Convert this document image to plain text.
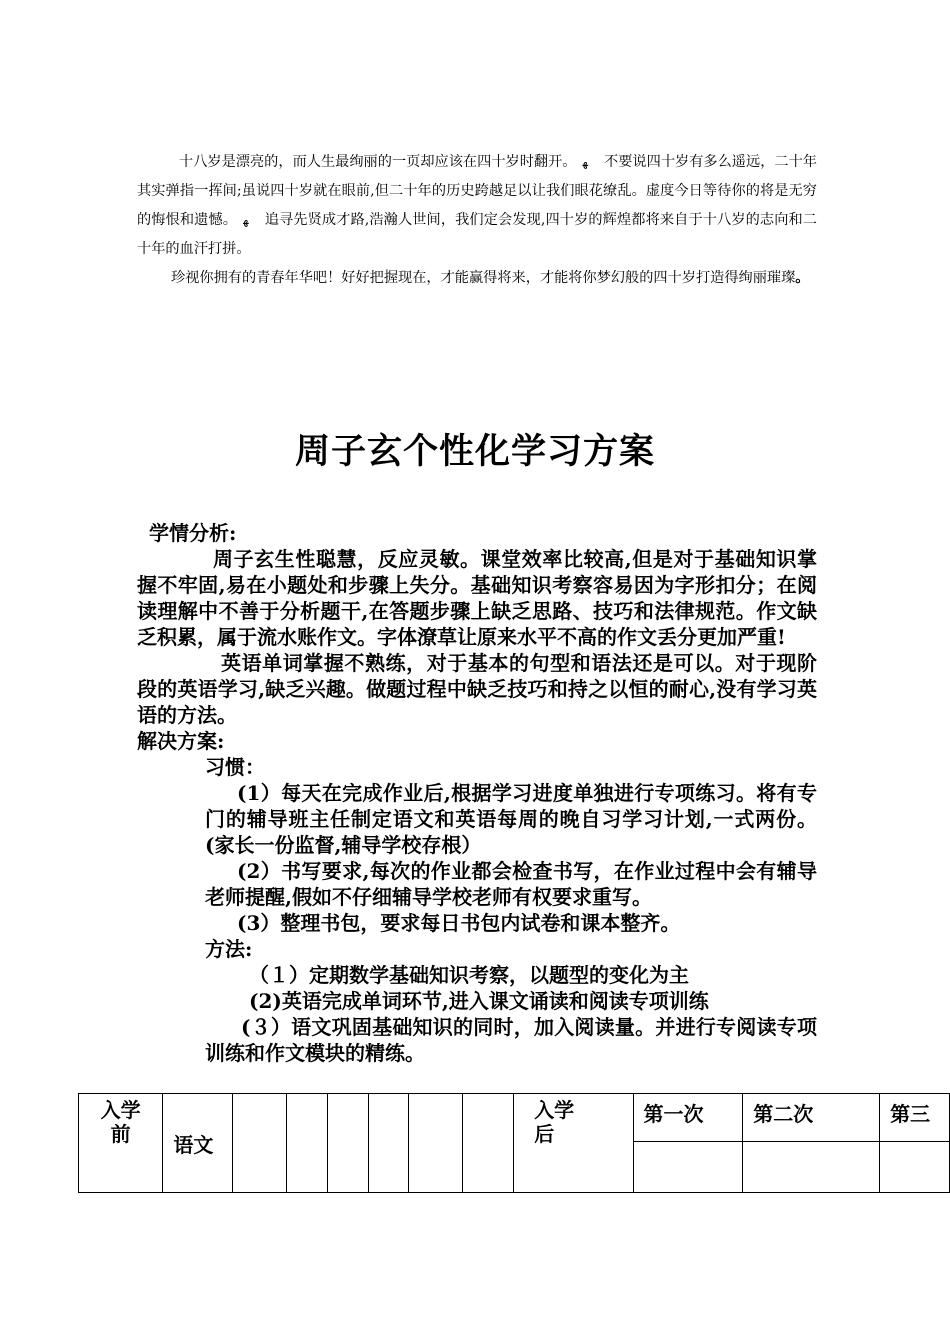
十八岁是漂亮的，而人生最绚丽的一页却应该在四十岁时翻开。 ﻬ 不要说四十岁有多么遥远，二十年其实弹指一挥间;虽说四十岁就在眼前,但二十年的历史跨越足以让我们眼花缭乱。虚度今日等待你的将是无穷的悔恨和遗憾。 ﻬ 追寻先贤成才路,浩瀚人世间，我们定会发现,四十岁的辉煌都将来自于十八岁的志向和二十年的血汗打拼。

珍视你拥有的青春年华吧！好好把握现在，才能赢得将来，才能将你梦幻般的四十岁打造得绚丽璀璨。

周子玄个性化学习方案

学情分析:

周子玄生性聪慧，反应灵敏。课堂效率比较高,但是对于基础知识掌握不牢固,易在小题处和步骤上失分。基础知识考察容易因为字形扣分；在阅读理解中不善于分析题干,在答题步骤上缺乏思路、技巧和法律规范。作文缺乏积累，属于流水账作文。字体潦草让原来水平不高的作文丢分更加严重!

英语单词掌握不熟练，对于基本的句型和语法还是可以。对于现阶段的英语学习,缺乏兴趣。做题过程中缺乏技巧和持之以恒的耐心,没有学习英语的方法。

解决方案:

习惯：

(1）每天在完成作业后,根据学习进度单独进行专项练习。将有专门的辅导班主任制定语文和英语每周的晚自习学习计划,一式两份。(家长一份监督,辅导学校存根）

(2）书写要求,每次的作业都会检查书写，在作业过程中会有辅导老师提醒,假如不仔细辅导学校老师有权要求重写。

(3）整理书包，要求每日书包内试卷和课本整齐。

方法:

（１）定期数学基础知识考察，以题型的变化为主

(2)英语完成单词环节,进入课文诵读和阅读专项训练

(３）语文巩固基础知识的同时，加入阅读量。并进行专阅读专项训练和作文模块的精练。

入学前	语文							入学后	第一次	第二次	第三
